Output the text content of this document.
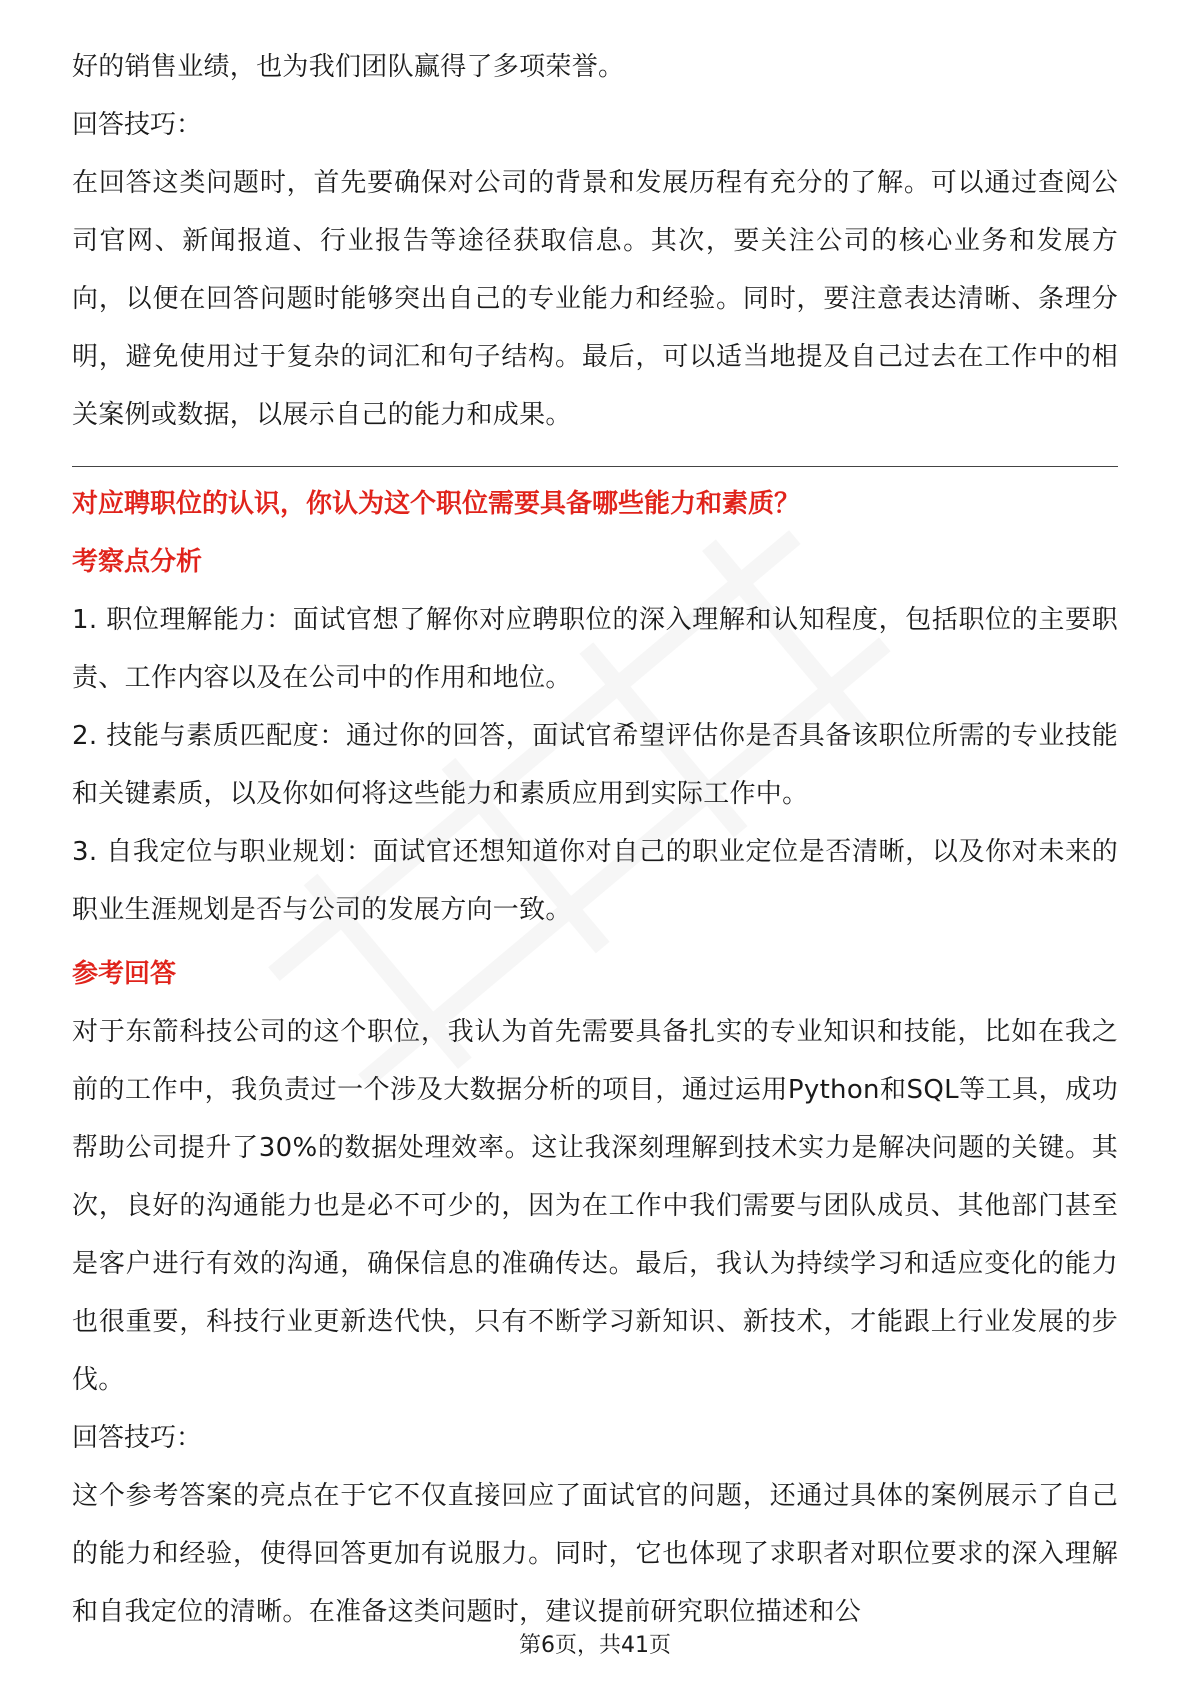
好的销售业绩，也为我们团队赢得了多项荣誉。

回答技巧：

在回答这类问题时，首先要确保对公司的背景和发展历程有充分的了解。可以通过查阅公司官网、新闻报道、行业报告等途径获取信息。其次，要关注公司的核心业务和发展方向，以便在回答问题时能够突出自己的专业能力和经验。同时，要注意表达清晰、条理分明，避免使用过于复杂的词汇和句子结构。最后，可以适当地提及自己过去在工作中的相关案例或数据，以展示自己的能力和成果。

对应聘职位的认识，你认为这个职位需要具备哪些能力和素质？

考察点分析

1. 职位理解能力：面试官想了解你对应聘职位的深入理解和认知程度，包括职位的主要职责、工作内容以及在公司中的作用和地位。

2. 技能与素质匹配度：通过你的回答，面试官希望评估你是否具备该职位所需的专业技能和关键素质，以及你如何将这些能力和素质应用到实际工作中。

3. 自我定位与职业规划：面试官还想知道你对自己的职业定位是否清晰，以及你对未来的职业生涯规划是否与公司的发展方向一致。

参考回答

对于东箭科技公司的这个职位，我认为首先需要具备扎实的专业知识和技能，比如在我之前的工作中，我负责过一个涉及大数据分析的项目，通过运用Python和SQL等工具，成功帮助公司提升了30%的数据处理效率。这让我深刻理解到技术实力是解决问题的关键。其次，良好的沟通能力也是必不可少的，因为在工作中我们需要与团队成员、其他部门甚至是客户进行有效的沟通，确保信息的准确传达。最后，我认为持续学习和适应变化的能力也很重要，科技行业更新迭代快，只有不断学习新知识、新技术，才能跟上行业发展的步伐。

回答技巧：

这个参考答案的亮点在于它不仅直接回应了面试官的问题，还通过具体的案例展示了自己的能力和经验，使得回答更加有说服力。同时，它也体现了求职者对职位要求的深入理解和自我定位的清晰。在准备这类问题时，建议提前研究职位描述和公

第6页，共41页
